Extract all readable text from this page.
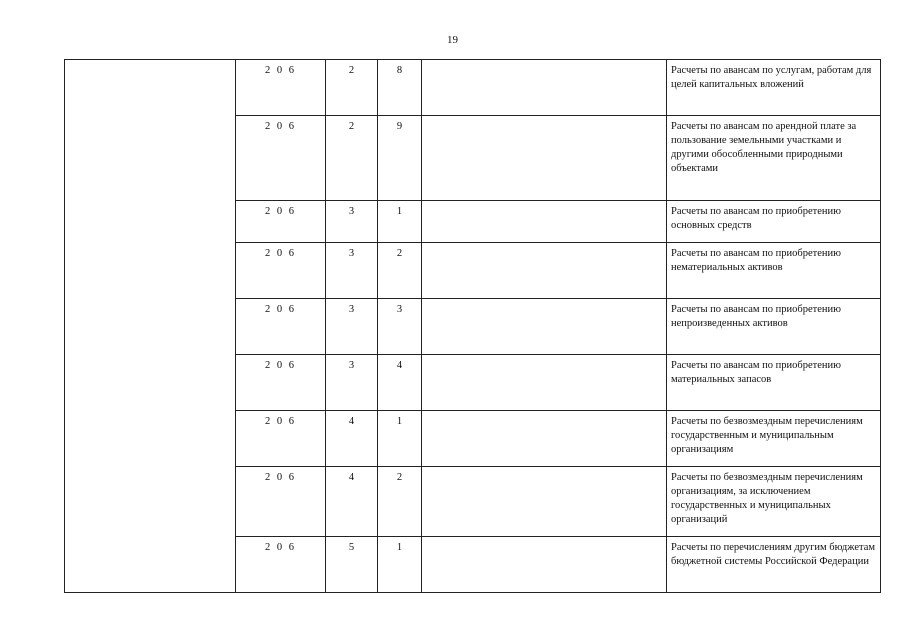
19
	2 0 6	2	8		Расчеты по авансам по услугам, работам для целей капитальных вложений
	2 0 6	2	9		Расчеты по авансам по арендной плате за пользование земельными участками и другими обособленными природными объектами
	2 0 6	3	1		Расчеты по авансам по приобретению основных средств
	2 0 6	3	2		Расчеты по авансам по приобретению нематериальных активов
	2 0 6	3	3		Расчеты по авансам по приобретению непроизведенных активов
	2 0 6	3	4		Расчеты по авансам по приобретению материальных запасов
	2 0 6	4	1		Расчеты по безвозмездным перечислениям государственным и муниципальным организациям
	2 0 6	4	2		Расчеты по безвозмездным перечислениям организациям, за исключением государственных и муниципальных организаций
	2 0 6	5	1		Расчеты по перечислениям другим бюджетам бюджетной системы Российской Федерации
